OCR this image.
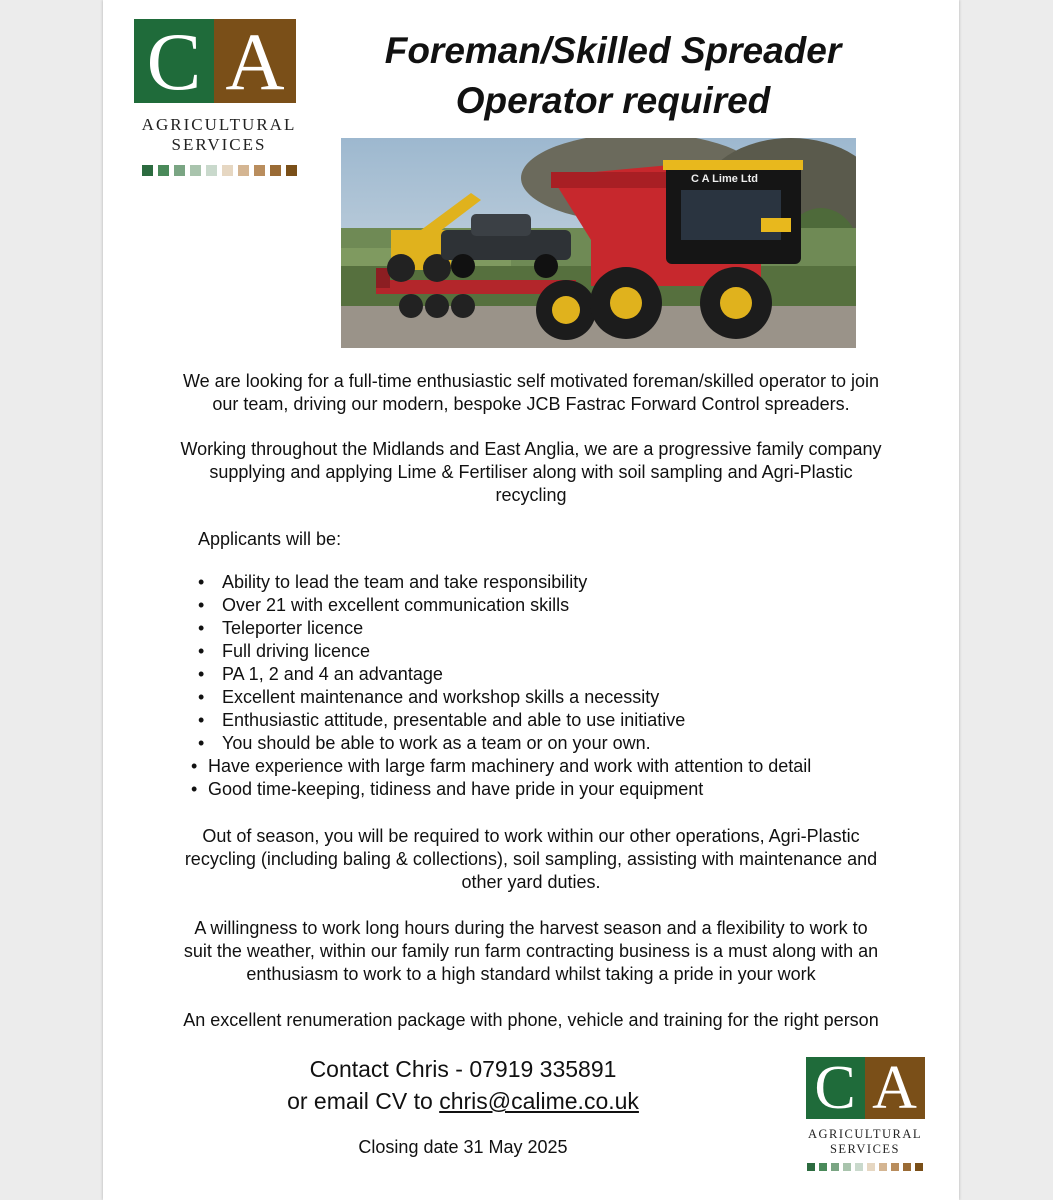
C A
AGRICULTURAL
SERVICES
Foreman/Skilled Spreader
Operator required
C A Lime Ltd
We are looking for a full-time enthusiastic self motivated foreman/skilled operator to join
our team, driving our modern, bespoke JCB Fastrac Forward Control spreaders.
Working throughout the Midlands and East Anglia, we are a progressive family company
supplying and applying Lime & Fertiliser along with soil sampling and Agri-Plastic
recycling

Applicants will be:

• Ability to lead the team and take responsibility
• Over 21 with excellent communication skills
• Teleporter licence
• Full driving licence
• PA 1, 2 and 4 an advantage
• Excellent maintenance and workshop skills a necessity
• Enthusiastic attitude, presentable and able to use initiative
• You should be able to work as a team or on your own.
• Have experience with large farm machinery and work with attention to detail
• Good time-keeping, tidiness and have pride in your equipment
Out of season, you will be required to work within our other operations, Agri-Plastic
recycling (including baling & collections), soil sampling, assisting with maintenance and
other yard duties.
A willingness to work long hours during the harvest season and a flexibility to work to
suit the weather, within our family run farm contracting business is a must along with an
enthusiasm to work to a high standard whilst taking a pride in your work
An excellent renumeration package with phone, vehicle and training for the right person
Contact Chris - 07919 335891
or email CV to chris@calime.co.uk
Closing date 31 May 2025
C A
AGRICULTURAL
SERVICES
